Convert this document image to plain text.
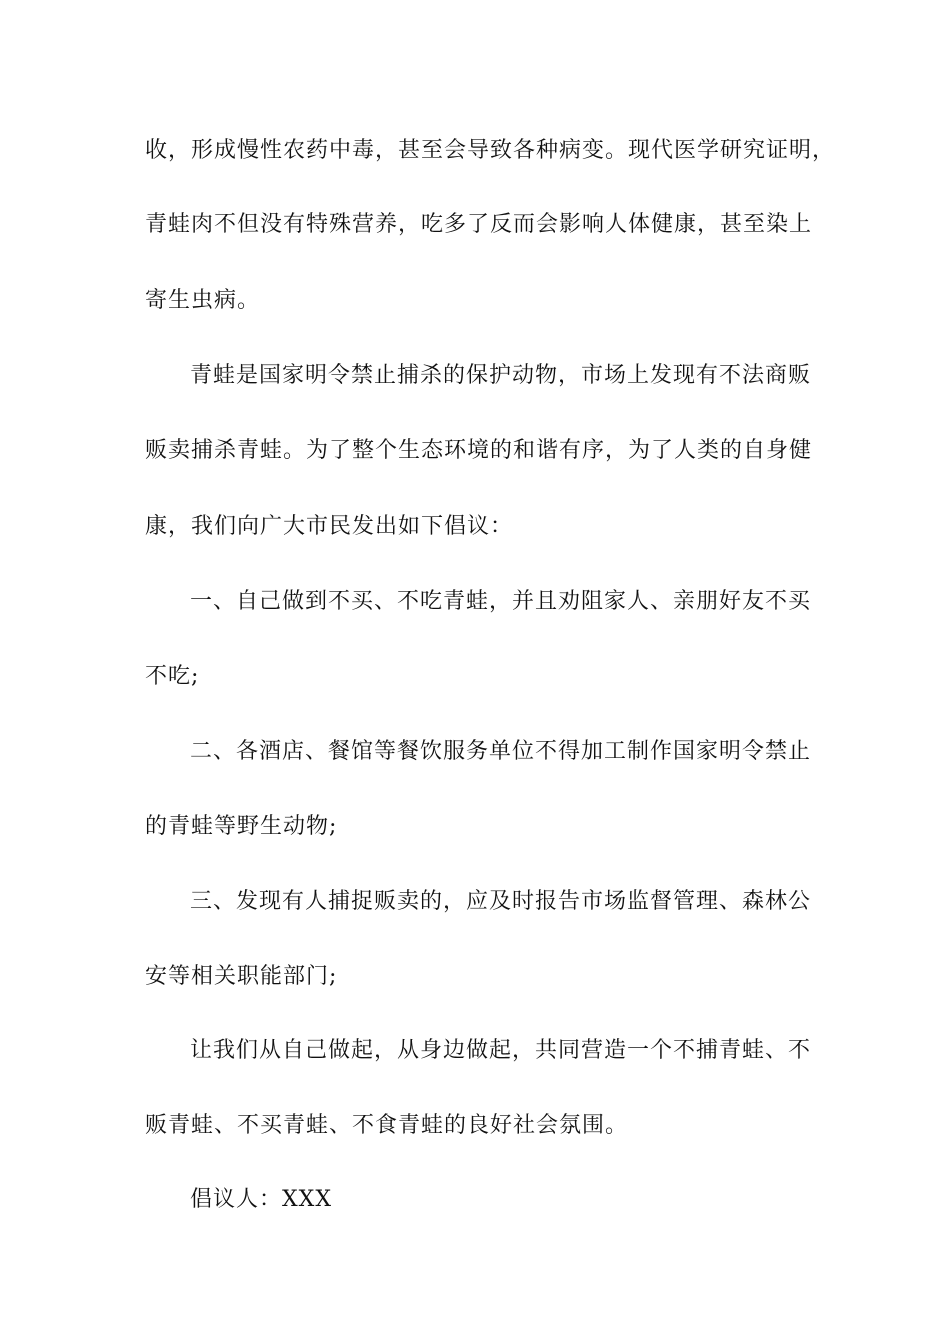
收，形成慢性农药中毒，甚至会导致各种病变。现代医学研究证明，
青蛙肉不但没有特殊营养，吃多了反而会影响人体健康，甚至染上
寄生虫病。
青蛙是国家明令禁止捕杀的保护动物，市场上发现有不法商贩
贩卖捕杀青蛙。为了整个生态环境的和谐有序，为了人类的自身健
康，我们向广大市民发出如下倡议：
一、自己做到不买、不吃青蛙，并且劝阻家人、亲朋好友不买
不吃;
二、各酒店、餐馆等餐饮服务单位不得加工制作国家明令禁止
的青蛙等野生动物;
三、发现有人捕捉贩卖的，应及时报告市场监督管理、森林公
安等相关职能部门;
让我们从自己做起，从身边做起，共同营造一个不捕青蛙、不
贩青蛙、不买青蛙、不食青蛙的良好社会氛围。
倡议人：XXX
